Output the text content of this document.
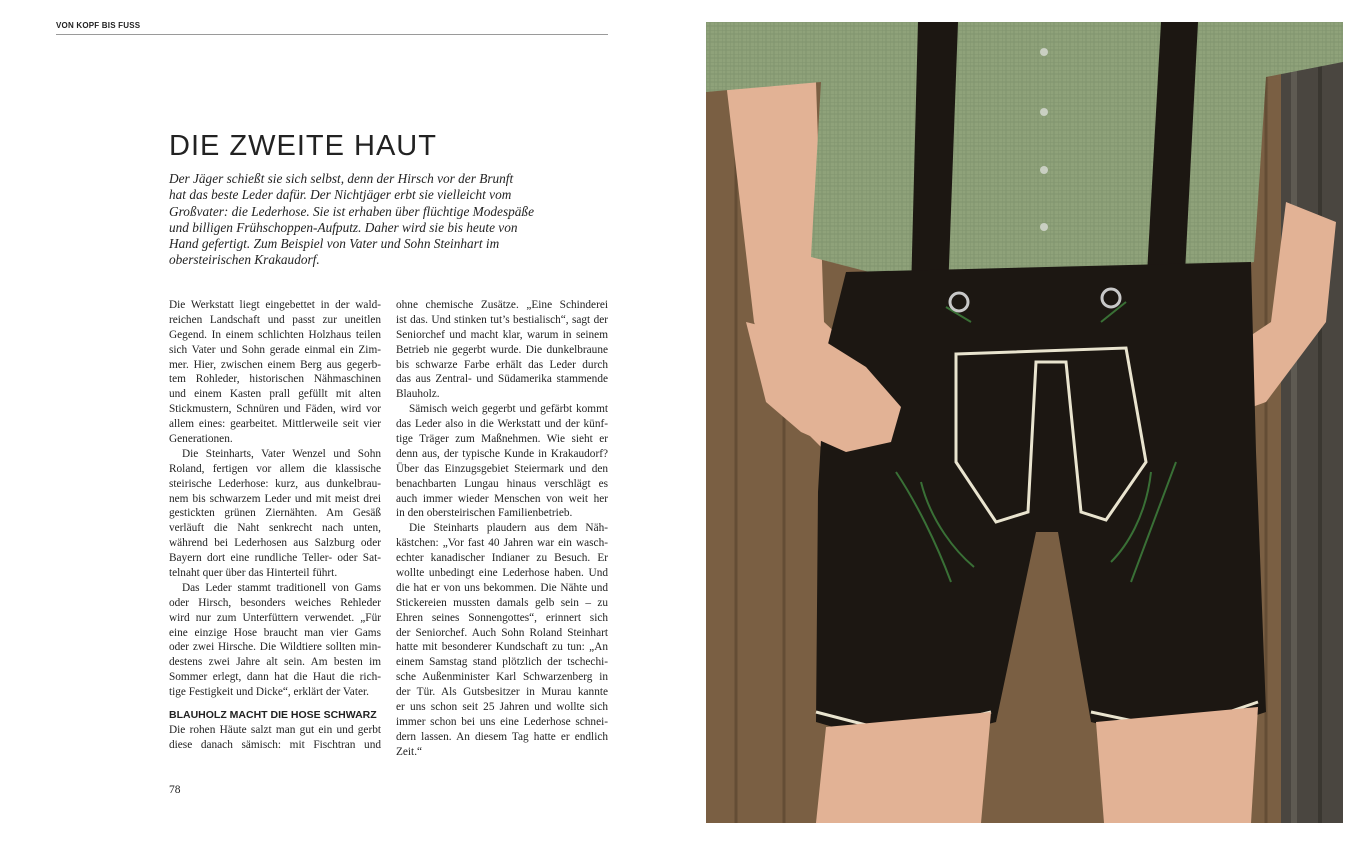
VON KOPF BIS FUSS
DIE ZWEITE HAUT
Der Jäger schießt sie sich selbst, denn der Hirsch vor der Brunft
hat das beste Leder dafür. Der Nichtjäger erbt sie vielleicht vom
Großvater: die Lederhose. Sie ist erhaben über flüchtige Modespäße
und billigen Frühschoppen-Aufputz. Daher wird sie bis heute von
Hand gefertigt. Zum Beispiel von Vater und Sohn Steinhart im
obersteirischen Krakaudorf.
Die Werkstatt liegt eingebettet in der wald-
reichen Landschaft und passt zur uneitlen
Gegend. In einem schlichten Holzhaus teilen
sich Vater und Sohn gerade einmal ein Zim-
mer. Hier, zwischen einem Berg aus gegerb-
tem Rohleder, historischen Nähmaschinen
und einem Kasten prall gefüllt mit alten
Stickmustern, Schnüren und Fäden, wird vor
allem eines: gearbeitet. Mittlerweile seit vier
Generationen.
Die Steinharts, Vater Wenzel und Sohn
Roland, fertigen vor allem die klassische
steirische Lederhose: kurz, aus dunkelbrau-
nem bis schwarzem Leder und mit meist drei
gestickten grünen Ziernähten. Am Gesäß
verläuft die Naht senkrecht nach unten,
während bei Lederhosen aus Salzburg oder
Bayern dort eine rundliche Teller- oder Sat-
telnaht quer über das Hinterteil führt.
Das Leder stammt traditionell von Gams
oder Hirsch, besonders weiches Rehleder
wird nur zum Unterfüttern verwendet. „Für
eine einzige Hose braucht man vier Gams
oder zwei Hirsche. Die Wildtiere sollten min-
destens zwei Jahre alt sein. Am besten im
Sommer erlegt, dann hat die Haut die rich-
tige Festigkeit und Dicke“, erklärt der Vater.
BLAUHOLZ MACHT DIE HOSE SCHWARZ
Die rohen Häute salzt man gut ein und gerbt
diese danach sämisch: mit Fischtran und
ohne chemische Zusätze. „Eine Schinderei
ist das. Und stinken tut’s bestialisch“, sagt der
Seniorchef und macht klar, warum in seinem
Betrieb nie gegerbt wurde. Die dunkelbraune
bis schwarze Farbe erhält das Leder durch
das aus Zentral- und Südamerika stammende
Blauholz.
Sämisch weich gegerbt und gefärbt kommt
das Leder also in die Werkstatt und der künf-
tige Träger zum Maßnehmen. Wie sieht er
denn aus, der typische Kunde in Krakaudorf?
Über das Einzugsgebiet Steiermark und den
benachbarten Lungau hinaus verschlägt es
auch immer wieder Menschen von weit her
in den obersteirischen Familienbetrieb.
Die Steinharts plaudern aus dem Näh-
kästchen: „Vor fast 40 Jahren war ein wasch-
echter kanadischer Indianer zu Besuch. Er
wollte unbedingt eine Lederhose haben. Und
die hat er von uns bekommen. Die Nähte und
Stickereien mussten damals gelb sein – zu
Ehren seines Sonnengottes“, erinnert sich
der Seniorchef. Auch Sohn Roland Steinhart
hatte mit besonderer Kundschaft zu tun: „An
einem Samstag stand plötzlich der tschechi-
sche Außenminister Karl Schwarzenberg in
der Tür. Als Gutsbesitzer in Murau kannte
er uns schon seit 25 Jahren und wollte sich
immer schon bei uns eine Lederhose schnei-
dern lassen. An diesem Tag hatte er endlich
Zeit.“
78
